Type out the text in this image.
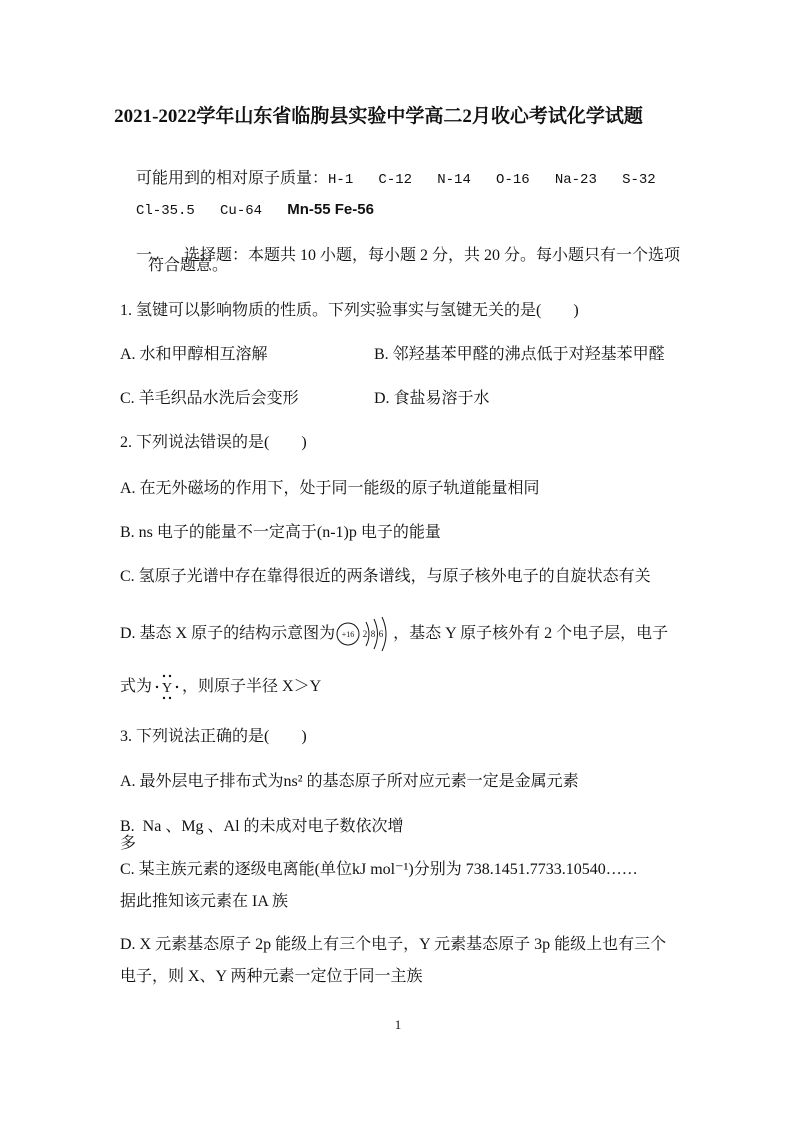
2021-2022学年山东省临朐县实验中学高二2月收心考试化学试题

可能用到的相对原子质量：H-1   C-12   N-14   O-16   Na-23   S-32

Cl-35.5   Cu-64   Mn-55 Fe-56

一、 选择题：本题共 10 小题，每小题 2 分，共 20 分。每小题只有一个选项

符合题意。
1. 氢键可以影响物质的性质。下列实验事实与氢键无关的是(　　)
A. 水和甲醇相互溶解	B. 邻羟基苯甲醛的沸点低于对羟基苯甲醛
C. 羊毛织品水洗后会变形	D. 食盐易溶于水
2. 下列说法错误的是(　　)
A. 在无外磁场的作用下，处于同一能级的原子轨道能量相同
B. ns 电子的能量不一定高于(n-1)p 电子的能量
C. 氢原子光谱中存在靠得很近的两条谱线，与原子核外电子的自旋状态有关
D. 基态 X 原子的结构示意图为 +16 2 8 6 ，基态 Y 原子核外有 2 个电子层，电子
式为 Y ，则原子半径 X＞Y
3. 下列说法正确的是(　　)
A. 最外层电子排布式为ns² 的基态原子所对应元素一定是金属元素
B.  Na 、Mg 、Al 的未成对电子数依次增
多
C. 某主族元素的逐级电离能(单位kJ mol⁻¹)分别为 738.1451.7733.10540……
据此推知该元素在 IA 族
D. X 元素基态原子 2p 能级上有三个电子，Y 元素基态原子 3p 能级上也有三个
电子，则 X、Y 两种元素一定位于同一主族
1
